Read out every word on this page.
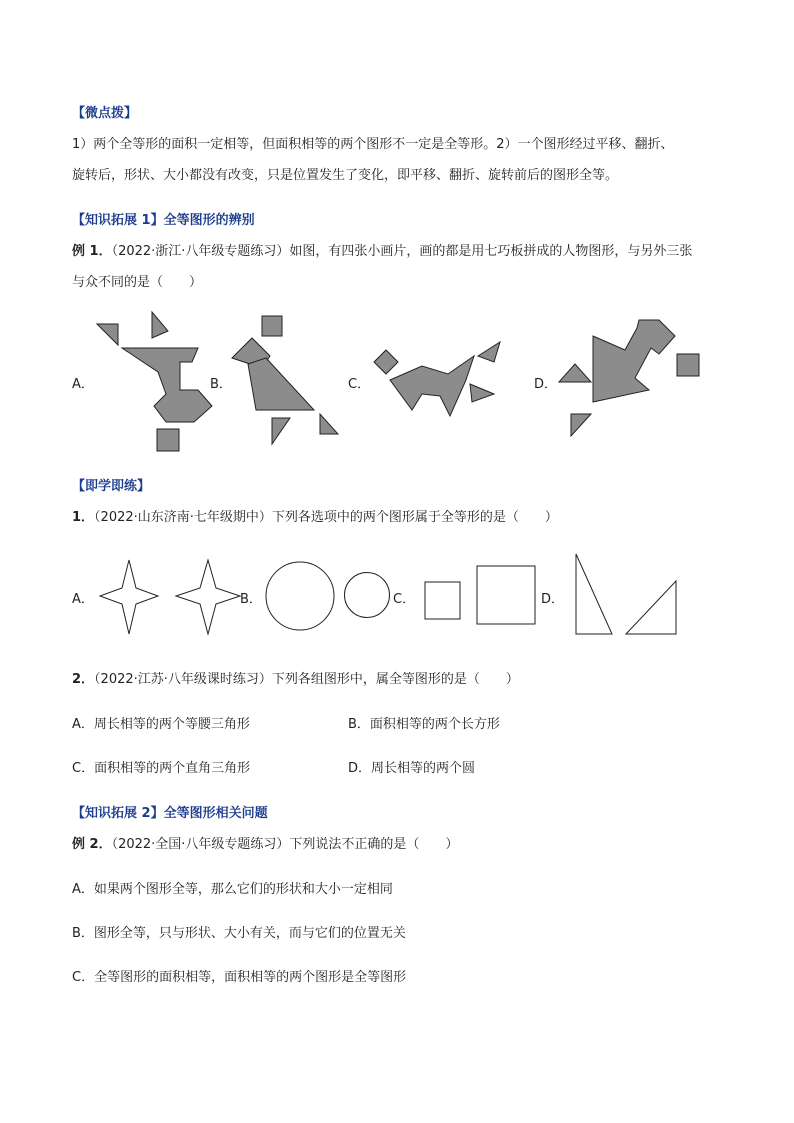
【微点拨】
1）两个全等形的面积一定相等，但面积相等的两个图形不一定是全等形。2）一个图形经过平移、翻折、
旋转后，形状、大小都没有改变，只是位置发生了变化，即平移、翻折、旋转前后的图形全等。
【知识拓展 1】全等图形的辨别
例 1．（2022·浙江·八年级专题练习）如图，有四张小画片，画的都是用七巧板拼成的人物图形，与另外三张
与众不同的是（　　）
A．	B．	C．	D．
【即学即练】
1．（2022·山东济南·七年级期中）下列各选项中的两个图形属于全等形的是（　　）
A．	B．	C．	D．
2．（2022·江苏·八年级课时练习）下列各组图形中，属全等图形的是（　　）
A．周长相等的两个等腰三角形	B．面积相等的两个长方形
C．面积相等的两个直角三角形	D．周长相等的两个圆
【知识拓展 2】全等图形相关问题
例 2．（2022·全国·八年级专题练习）下列说法不正确的是（　　）
A．如果两个图形全等，那么它们的形状和大小一定相同
B．图形全等，只与形状、大小有关，而与它们的位置无关
C．全等图形的面积相等，面积相等的两个图形是全等图形
